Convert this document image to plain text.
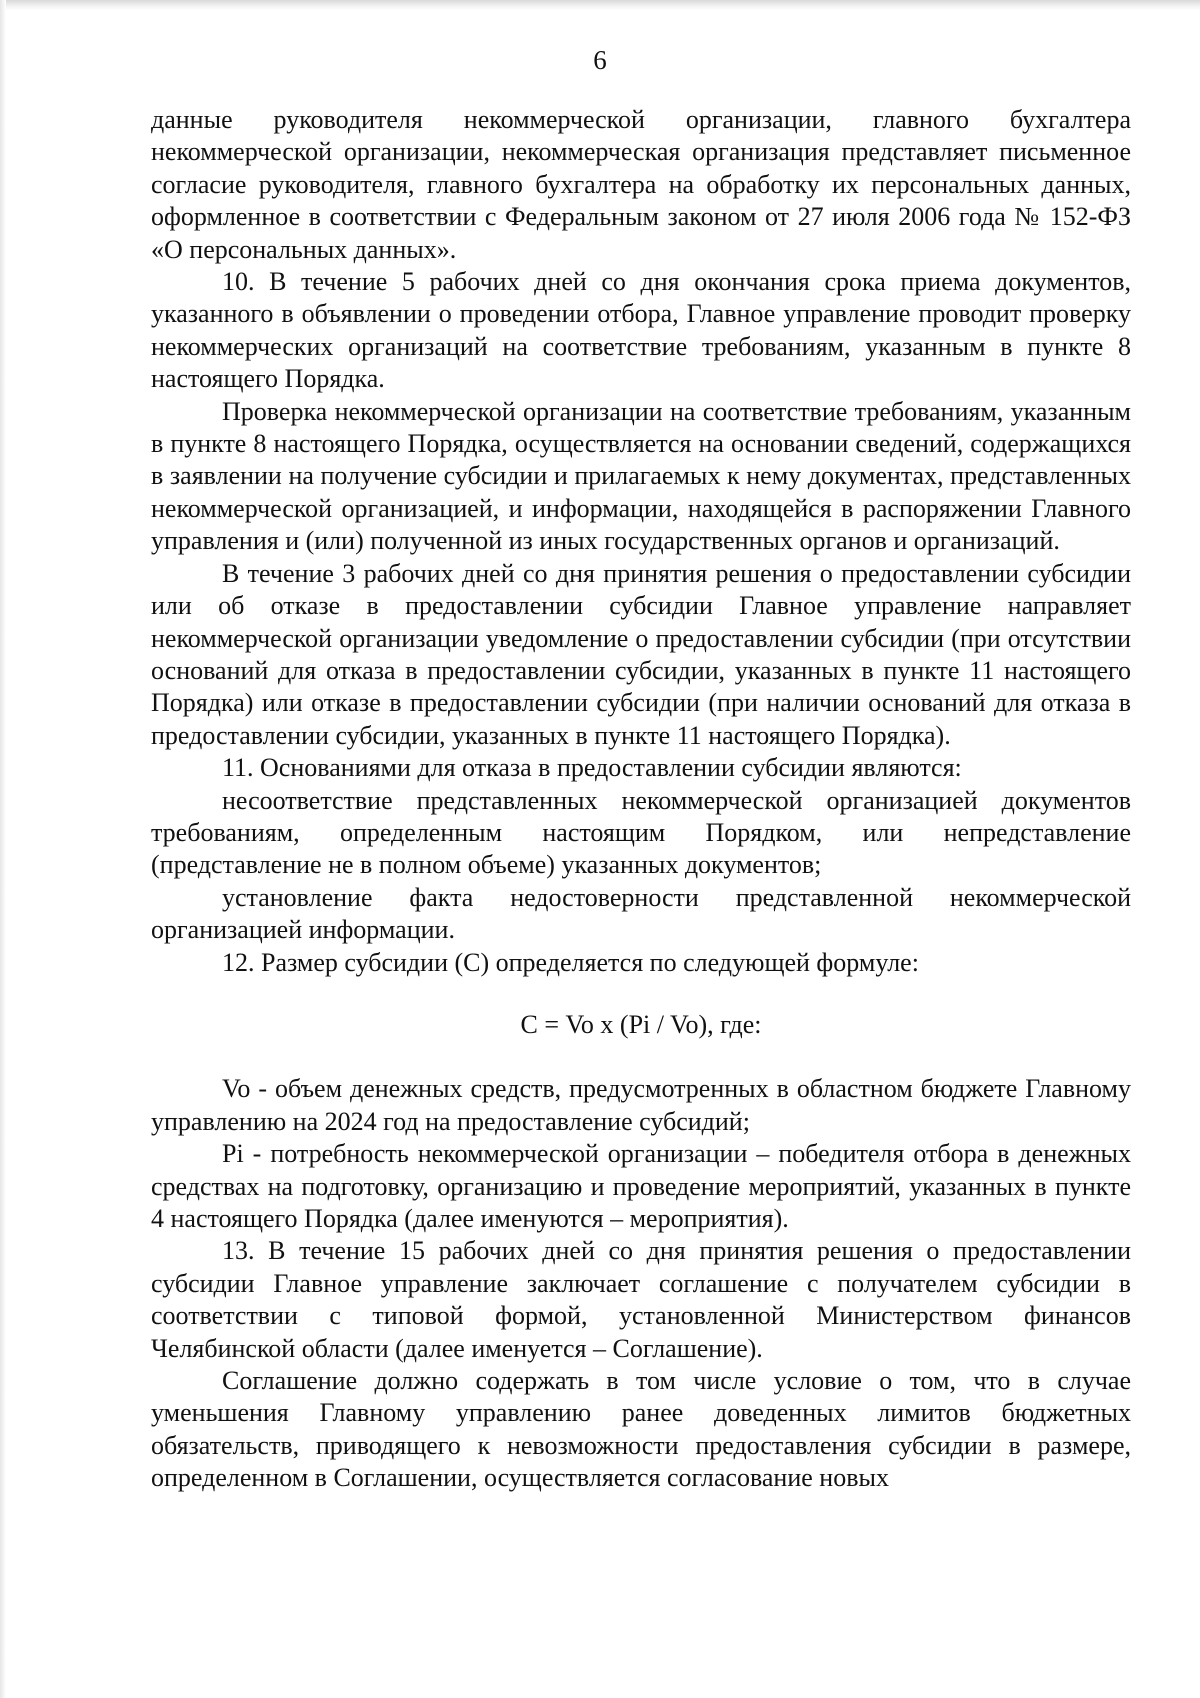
6

данные руководителя некоммерческой организации, главного бухгалтера некоммерческой организации, некоммерческая организация представляет письменное согласие руководителя, главного бухгалтера на обработку их персональных данных, оформленное в соответствии с Федеральным законом от 27 июля 2006 года № 152-ФЗ «О персональных данных».

10. В течение 5 рабочих дней со дня окончания срока приема документов, указанного в объявлении о проведении отбора, Главное управление проводит проверку некоммерческих организаций на соответствие требованиям, указанным в пункте 8 настоящего Порядка.

Проверка некоммерческой организации на соответствие требованиям, указанным в пункте 8 настоящего Порядка, осуществляется на основании сведений, содержащихся в заявлении на получение субсидии и прилагаемых к нему документах, представленных некоммерческой организацией, и информации, находящейся в распоряжении Главного управления и (или) полученной из иных государственных органов и организаций.

В течение 3 рабочих дней со дня принятия решения о предоставлении субсидии или об отказе в предоставлении субсидии Главное управление направляет некоммерческой организации уведомление о предоставлении субсидии (при отсутствии оснований для отказа в предоставлении субсидии, указанных в пункте 11 настоящего Порядка) или отказе в предоставлении субсидии (при наличии оснований для отказа в предоставлении субсидии, указанных в пункте 11 настоящего Порядка).

11. Основаниями для отказа в предоставлении субсидии являются:

несоответствие представленных некоммерческой организацией документов требованиям, определенным настоящим Порядком, или непредставление (представление не в полном объеме) указанных документов;

установление факта недостоверности представленной некоммерческой организацией информации.

12. Размер субсидии (С) определяется по следующей формуле:

С = Vo x (Pi / Vo), где:

Vo - объем денежных средств, предусмотренных в областном бюджете Главному управлению на 2024 год на предоставление субсидий;

Pi - потребность некоммерческой организации – победителя отбора в денежных средствах на подготовку, организацию и проведение мероприятий, указанных в пункте 4 настоящего Порядка (далее именуются – мероприятия).

13. В течение 15 рабочих дней со дня принятия решения о предоставлении субсидии Главное управление заключает соглашение с получателем субсидии в соответствии с типовой формой, установленной Министерством финансов Челябинской области (далее именуется – Соглашение).

Соглашение должно содержать в том числе условие о том, что в случае уменьшения Главному управлению ранее доведенных лимитов бюджетных обязательств, приводящего к невозможности предоставления субсидии в размере, определенном в Соглашении, осуществляется согласование новых
